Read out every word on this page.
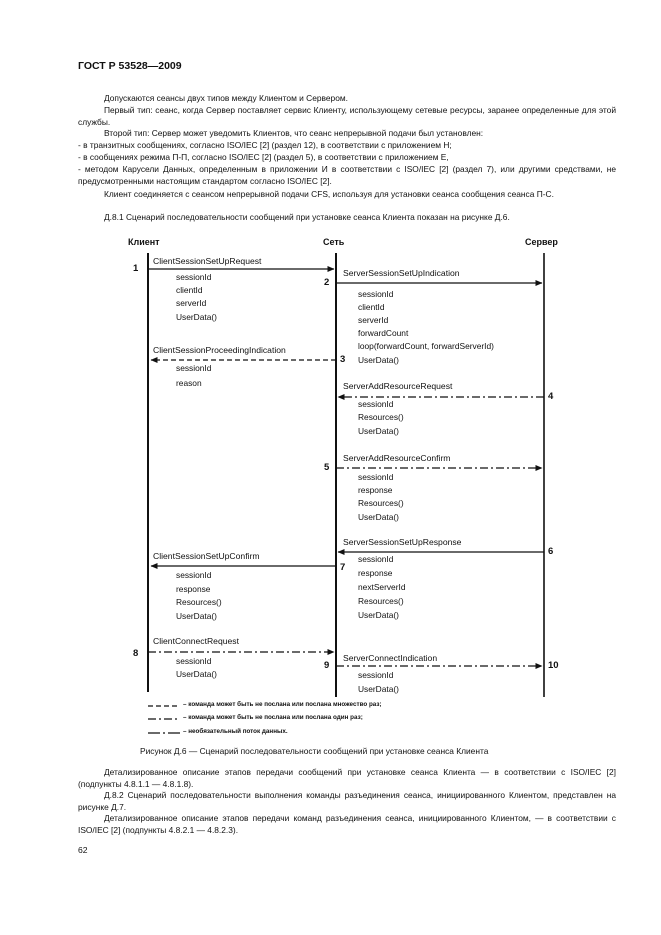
ГОСТ Р 53528—2009
Допускаются сеансы двух типов между Клиентом и Сервером.
Первый тип: сеанс, когда Сервер поставляет сервис Клиенту, использующему сетевые ресурсы, заранее определенные для этой службы.
Второй тип: Сервер может уведомить Клиентов, что сеанс непрерывной подачи был установлен:
- в транзитных сообщениях, согласно ISO/IEC [2] (раздел 12), в соответствии с приложением Н;
- в сообщениях режима П-П, согласно ISO/IEC [2] (раздел 5), в соответствии с приложением Е,
- методом Карусели Данных, определенным в приложении И в соответствии с ISO/IEC [2] (раздел 7), или другими средствами, не предусмотренными настоящим стандартом согласно ISO/IEC [2].
Клиент соединяется с сеансом непрерывной подачи CFS, используя для установки сеанса сообщения сеанса П-С.
Д.8.1 Сценарий последовательности сообщений при установке сеанса Клиента показан на рисунке Д.6.
Клиент	Сеть	Сервер
1
ClientSessionSetUpRequest
sessionId
clientId
serverId
UserData()
2
ServerSessionSetUpIndication
sessionId
clientId
serverId
forwardCount
loop(forwardCount, forwardServerId)
UserData()
3
ClientSessionProceedingIndication
sessionId
reason
4
ServerAddResourceRequest
sessionId
Resources()
UserData()
5
ServerAddResourceConfirm
sessionId
response
Resources()
UserData()
6
ServerSessionSetUpResponse
sessionId
response
nextServerId
Resources()
UserData()
7
ClientSessionSetUpConfirm
sessionId
response
Resources()
UserData()
8
ClientConnectRequest
sessionId
UserData()
9
ServerConnectIndication
sessionId
UserData()
10
– команда может быть не послана или послана множество раз;
– команда может быть не послана или послана один раз;
– необязательный поток данных.
Рисунок Д.6 — Сценарий последовательности сообщений при установке сеанса Клиента
Детализированное описание этапов передачи сообщений при установке сеанса Клиента — в соответствии с ISO/IEC [2] (подпункты 4.8.1.1 — 4.8.1.8).
Д.8.2 Сценарий последовательности выполнения команды разъединения сеанса, инициированного Клиентом, представлен на рисунке Д.7.
Детализированное описание этапов передачи команд разъединения сеанса, инициированного Клиентом, — в соответствии с ISO/IEC [2] (подпункты 4.8.2.1 — 4.8.2.3).
62
